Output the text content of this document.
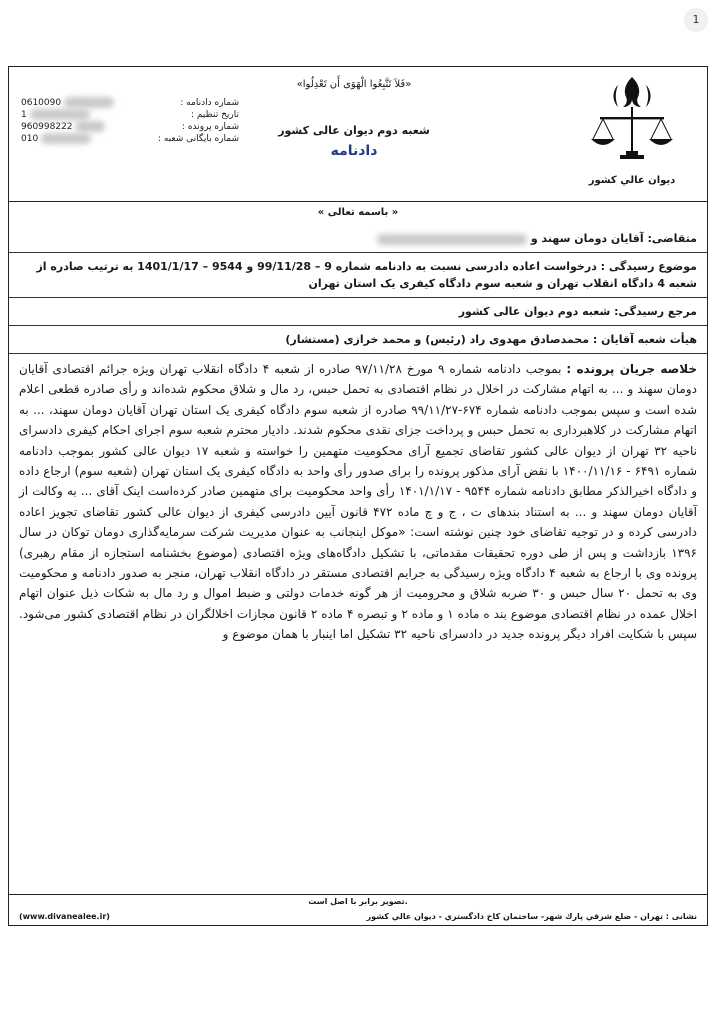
1
دیوان عالي كشور
«فَلاَ تَتَّبِعُوا الْهَوَى أَن تَعْدِلُوا»
شعبه دوم دیوان عالی کشور
دادنامه
شماره دادنامه :
0610090
تاریخ تنظیم :
1
شماره پرونده :
960998222
شماره بایگانی شعبه :
010
« باسمه تعالی »
متقاضی: آقایان دومان سهند و
موضوع رسیدگی : درخواست اعاده دادرسی نسبت به دادنامه شماره 9 – 99/11/28 و 9544 – 1401/1/17 به ترتیب صادره از شعبه 4 دادگاه انقلاب تهران و شعبه سوم دادگاه کیفری یک استان تهران
مرجع رسیدگی: شعبه دوم دیوان عالی کشور
هیأت شعبه آقایان : محمدصادق مهدوی راد (رئیس) و محمد خرازی (مستشار)
خلاصه جریان پرونده : بموجب دادنامه شماره ۹ مورخ ۹۷/۱۱/۲۸ صادره از شعبه ۴ دادگاه انقلاب تهران ویژه جرائم اقتصادی آقایان دومان سهند و ... به اتهام مشارکت در اخلال در نظام اقتصادی به تحمل حبس، رد مال و شلاق محکوم شده‌اند و رأی صادره قطعی اعلام شده است و سپس بموجب دادنامه شماره ۶۷۴-۹۹/۱۱/۲۷ صادره از شعبه سوم دادگاه کیفری یک استان تهران آقایان دومان سهند، ... به اتهام مشارکت در کلاهبرداری به تحمل حبس و پرداخت جزای نقدی محکوم شدند. دادیار محترم شعبه سوم اجرای احکام کیفری دادسرای ناحیه ۳۲ تهران از دیوان عالی کشور تقاضای تجمیع آرای محکومیت متهمین را خواسته و شعبه ۱۷ دیوان عالی کشور بموجب دادنامه شماره ۶۴۹۱ - ۱۴۰۰/۱۱/۱۶ با نقض آرای مذکور پرونده را برای صدور رأی واحد به دادگاه کیفری یک استان تهران (شعبه سوم) ارجاع داده و دادگاه اخیرالذکر مطابق دادنامه شماره ۹۵۴۴ - ۱۴۰۱/۱/۱۷ رأی واحد محکومیت برای متهمین صادر کرده‌است اینک آقای ... به وکالت از آقایان دومان سهند و ... به استناد بندهای ت ، ج و چ ماده ۴۷۲ قانون آیین دادرسی کیفری از دیوان عالی کشور تقاضای تجویز اعاده دادرسی کرده و در توجیه تقاضای خود چنین نوشته است: «موکل اینجانب به عنوان مدیریت شرکت سرمایه‌گذاری دومان توکان در سال ۱۳۹۶ بازداشت و پس از طی دوره تحقیقات مقدماتی، با تشکیل دادگاه‌های ویژه اقتصادی (موضوع بخشنامه استجازه از مقام رهبری) پرونده وی با ارجاع به شعبه ۴ دادگاه ویژه رسیدگی به جرایم اقتصادی مستقر در دادگاه انقلاب تهران، منجر به صدور دادنامه و محکومیت وی به تحمل ۲۰ سال حبس و ۳۰ ضربه شلاق و محرومیت از هر گونه خدمات دولتی و ضبط اموال و رد مال به شکات ذیل عنوان اتهام اخلال عمده در نظام اقتصادی موضوع بند ه ماده ۱ و ماده ۲ و تبصره ۴ ماده ۲ قانون مجازات اخلالگران در نظام اقتصادی کشور می‌شود. سپس با شکایت افراد دیگر پرونده جدید در دادسرای ناحیه ۳۲ تشکیل اما اینبار با همان موضوع و
تصویر برابر با اصل است.
نشانی : تهران - ضلع شرقي پارك شهر- ساختمان كاخ دادگستري - ديوان عالي كشور
(www.divanealee.ir)
